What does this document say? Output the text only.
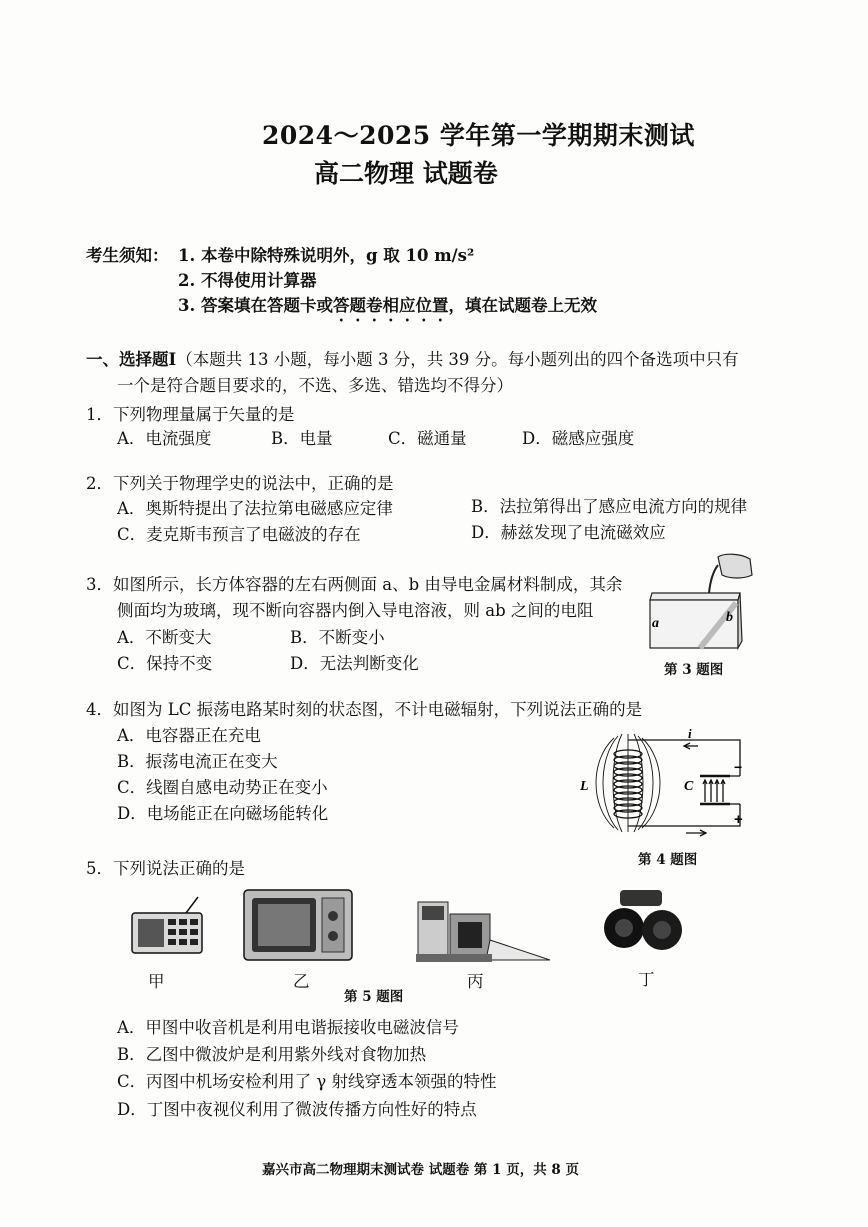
2024～2025 学年第一学期期末测试
高二物理 试题卷
考生须知： 1. 本卷中除特殊说明外，g 取 10 m/s²
2. 不得使用计算器
3. 答案填在答题卡或答题卷相应位置，填在试题卷上无效
一、选择题Ⅰ（本题共 13 小题，每小题 3 分，共 39 分。每小题列出的四个备选项中只有
一个是符合题目要求的，不选、多选、错选均不得分）
1．下列物理量属于矢量的是
A．电流强度	B．电量	C．磁通量	D．磁感应强度
2．下列关于物理学史的说法中，正确的是
A．奥斯特提出了法拉第电磁感应定律	B．法拉第得出了感应电流方向的规律
C．麦克斯韦预言了电磁波的存在	D．赫兹发现了电流磁效应
3．如图所示，长方体容器的左右两侧面 a、b 由导电金属材料制成，其余
侧面均为玻璃，现不断向容器内倒入导电溶液，则 ab 之间的电阻
A．不断变大	B．不断变小
C．保持不变	D．无法判断变化
a	b
第 3 题图
4．如图为 LC 振荡电路某时刻的状态图，不计电磁辐射，下列说法正确的是
A．电容器正在充电
B．振荡电流正在变大
C．线圈自感电动势正在变小
D．电场能正在向磁场能转化
L	C
i
−
+
第 4 题图
5．下列说法正确的是
甲	乙	丙	丁
第 5 题图
A．甲图中收音机是利用电谐振接收电磁波信号
B．乙图中微波炉是利用紫外线对食物加热
C．丙图中机场安检利用了 γ 射线穿透本领强的特性
D．丁图中夜视仪利用了微波传播方向性好的特点
嘉兴市高二物理期末测试卷 试题卷 第 1 页，共 8 页
